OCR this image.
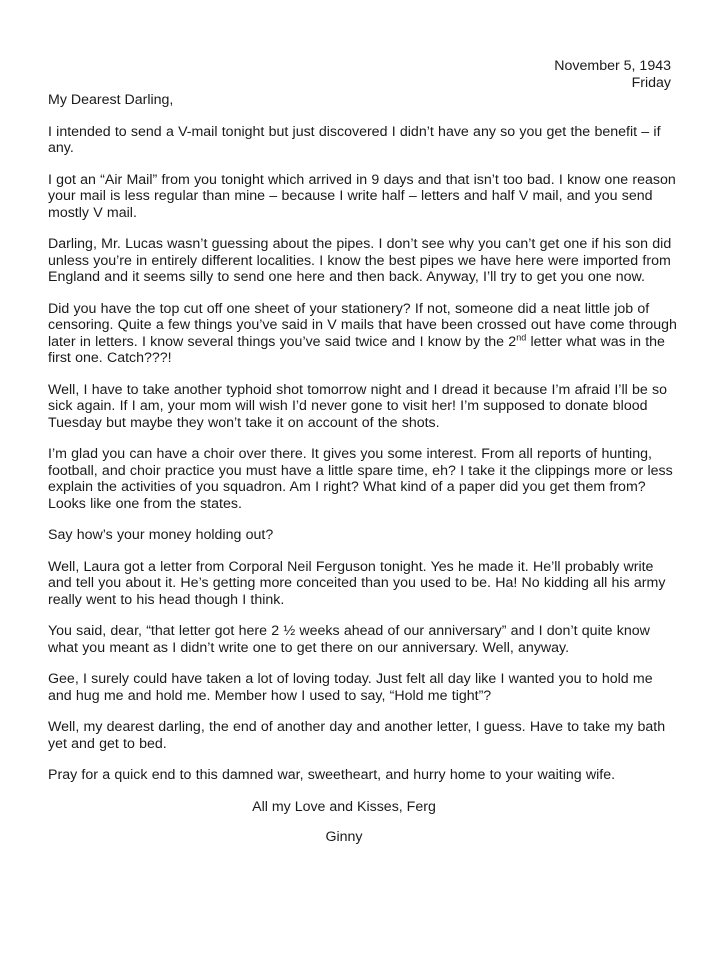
November 5, 1943
Friday
My Dearest Darling,

I intended to send a V-mail tonight but just discovered I didn’t have any so you get the benefit – if any.

I got an “Air Mail” from you tonight which arrived in 9 days and that isn’t too bad. I know one reason your mail is less regular than mine – because I write half – letters and half V mail, and you send mostly V mail.

Darling, Mr. Lucas wasn’t guessing about the pipes. I don’t see why you can’t get one if his son did unless you’re in entirely different localities. I know the best pipes we have here were imported from England and it seems silly to send one here and then back. Anyway, I’ll try to get you one now.

Did you have the top cut off one sheet of your stationery? If not, someone did a neat little job of censoring. Quite a few things you’ve said in V mails that have been crossed out have come through later in letters. I know several things you’ve said twice and I know by the 2nd letter what was in the first one. Catch???!

Well, I have to take another typhoid shot tomorrow night and I dread it because I’m afraid I’ll be so sick again. If I am, your mom will wish I’d never gone to visit her! I’m supposed to donate blood Tuesday but maybe they won’t take it on account of the shots.

I’m glad you can have a choir over there. It gives you some interest. From all reports of hunting, football, and choir practice you must have a little spare time, eh? I take it the clippings more or less explain the activities of you squadron. Am I right? What kind of a paper did you get them from? Looks like one from the states.

Say how’s your money holding out?

Well, Laura got a letter from Corporal Neil Ferguson tonight. Yes he made it. He’ll probably write and tell you about it. He’s getting more conceited than you used to be. Ha! No kidding all his army really went to his head though I think.

You said, dear, “that letter got here 2 ½ weeks ahead of our anniversary” and I don’t quite know what you meant as I didn’t write one to get there on our anniversary. Well, anyway.

Gee, I surely could have taken a lot of loving today. Just felt all day like I wanted you to hold me and hug me and hold me. Member how I used to say, “Hold me tight”?

Well, my dearest darling, the end of another day and another letter, I guess. Have to take my bath yet and get to bed.

Pray for a quick end to this damned war, sweetheart, and hurry home to your waiting wife.

All my Love and Kisses, Ferg
Ginny
